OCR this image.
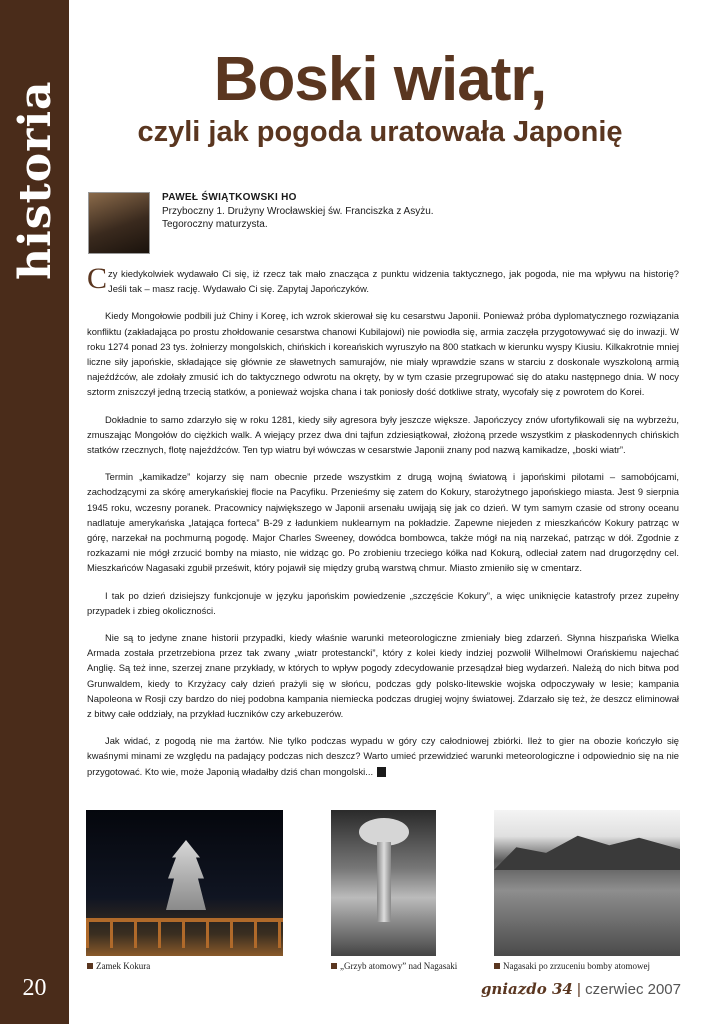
historia
20
Boski wiatr,
czyli jak pogoda uratowała Japonię
PAWEŁ ŚWIĄTKOWSKI HO
Przyboczny 1. Drużyny Wrocławskiej św. Franciszka z Asyżu.
Tegoroczny maturzysta.

Czy kiedykolwiek wydawało Ci się, iż rzecz tak mało znacząca z punktu widzenia taktycznego, jak pogoda, nie ma wpływu na historię? Jeśli tak – masz rację. Wydawało Ci się. Zapytaj Japończyków.

Kiedy Mongołowie podbili już Chiny i Koreę, ich wzrok skierował się ku cesarstwu Japonii. Ponieważ próba dyplomatycznego rozwiązania konfliktu (zakładająca po prostu zhołdowanie cesarstwa chanowi Kubilajowi) nie powiodła się, armia zaczęła przygotowywać się do inwazji. W roku 1274 ponad 23 tys. żołnierzy mongolskich, chińskich i koreańskich wyruszyło na 800 statkach w kierunku wyspy Kiusiu. Kilkakrotnie mniej liczne siły japońskie, składające się głównie ze sławetnych samurajów, nie miały wprawdzie szans w starciu z doskonale wyszkoloną armią najeźdźców, ale zdołały zmusić ich do taktycznego odwrotu na okręty, by w tym czasie przegrupować się do ataku następnego dnia. W nocy sztorm zniszczył jedną trzecią statków, a ponieważ wojska chana i tak poniosły dość dotkliwe straty, wycofały się z powrotem do Korei.

Dokładnie to samo zdarzyło się w roku 1281, kiedy siły agresora były jeszcze większe. Japończycy znów ufortyfikowali się na wybrzeżu, zmuszając Mongołów do ciężkich walk. A wiejący przez dwa dni tajfun zdziesiątkował, złożoną przede wszystkim z płaskodennych chińskich statków rzecznych, flotę najeźdźców. Ten typ wiatru był wówczas w cesarstwie Japonii znany pod nazwą kamikadze, „boski wiatr”.

Termin „kamikadze” kojarzy się nam obecnie przede wszystkim z drugą wojną światową i japońskimi pilotami – samobójcami, zachodzącymi za skórę amerykańskiej flocie na Pacyfiku. Przenieśmy się zatem do Kokury, starożytnego japońskiego miasta. Jest 9 sierpnia 1945 roku, wczesny poranek. Pracownicy największego w Japonii arsenału uwijają się jak co dzień. W tym samym czasie od strony oceanu nadlatuje amerykańska „latająca forteca” B-29 z ładunkiem nuklearnym na pokładzie. Zapewne niejeden z mieszkańców Kokury patrząc w górę, narzekał na pochmurną pogodę. Major Charles Sweeney, dowódca bombowca, także mógł na nią narzekać, patrząc w dół. Zgodnie z rozkazami nie mógł zrzucić bomby na miasto, nie widząc go. Po zrobieniu trzeciego kółka nad Kokurą, odleciał zatem nad drugorzędny cel. Mieszkańców Nagasaki zgubił prześwit, który pojawił się między grubą warstwą chmur. Miasto zmieniło się w cmentarz.

I tak po dzień dzisiejszy funkcjonuje w języku japońskim powiedzenie „szczęście Kokury”, a więc uniknięcie katastrofy przez zupełny przypadek i zbieg okoliczności.

Nie są to jedyne znane historii przypadki, kiedy właśnie warunki meteorologiczne zmieniały bieg zdarzeń. Słynna hiszpańska Wielka Armada została przetrzebiona przez tak zwany „wiatr protestancki”, który z kolei kiedy indziej pozwolił Wilhelmowi Orańskiemu najechać Anglię. Są też inne, szerzej znane przykłady, w których to wpływ pogody zdecydowanie przesądzał bieg wydarzeń. Należą do nich bitwa pod Grunwaldem, kiedy to Krzyżacy cały dzień prażyli się w słońcu, podczas gdy polsko-litewskie wojska odpoczywały w lesie; kampania Napoleona w Rosji czy bardzo do niej podobna kampania niemiecka podczas drugiej wojny światowej. Zdarzało się też, że deszcz eliminował z bitwy całe oddziały, na przykład łuczników czy arkebuzerów.

Jak widać, z pogodą nie ma żartów. Nie tylko podczas wypadu w góry czy całodniowej zbiórki. Ileż to gier na obozie kończyło się kwaśnymi minami ze względu na padający podczas nich deszcz? Warto umieć przewidzieć warunki meteorologiczne i odpowiednio się na nie przygotować. Kto wie, może Japonią władałby dziś chan mongolski...

Zamek Kokura	„Grzyb atomowy” nad Nagasaki	Nagasaki po zrzuceniu bomby atomowej
gniazdo 34 | czerwiec 2007
